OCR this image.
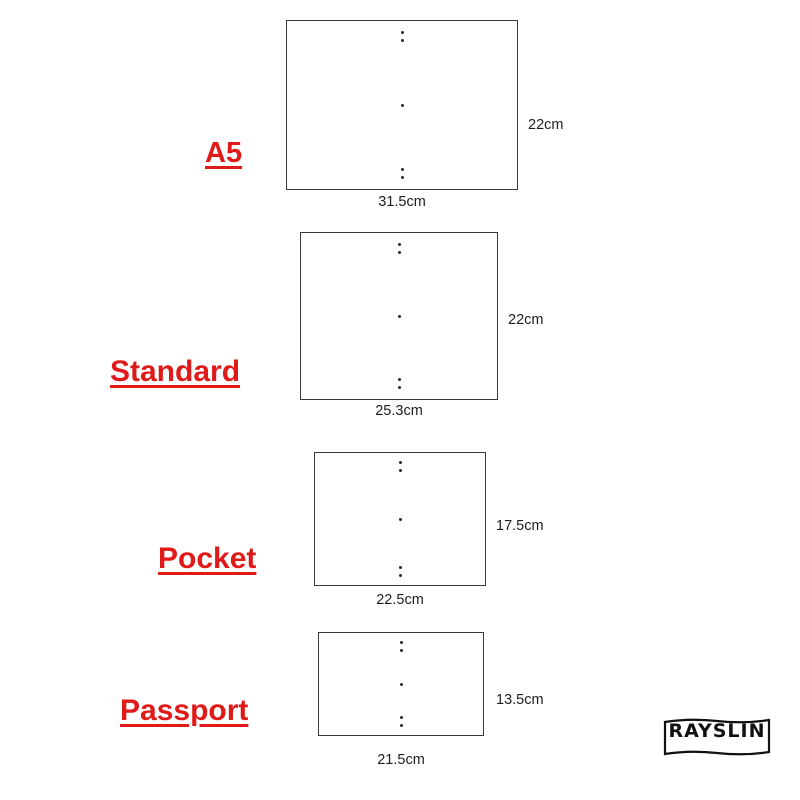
A5
31.5cm
22cm
Standard
25.3cm
22cm
Pocket
22.5cm
17.5cm
Passport
21.5cm
13.5cm
RAYSLIN
